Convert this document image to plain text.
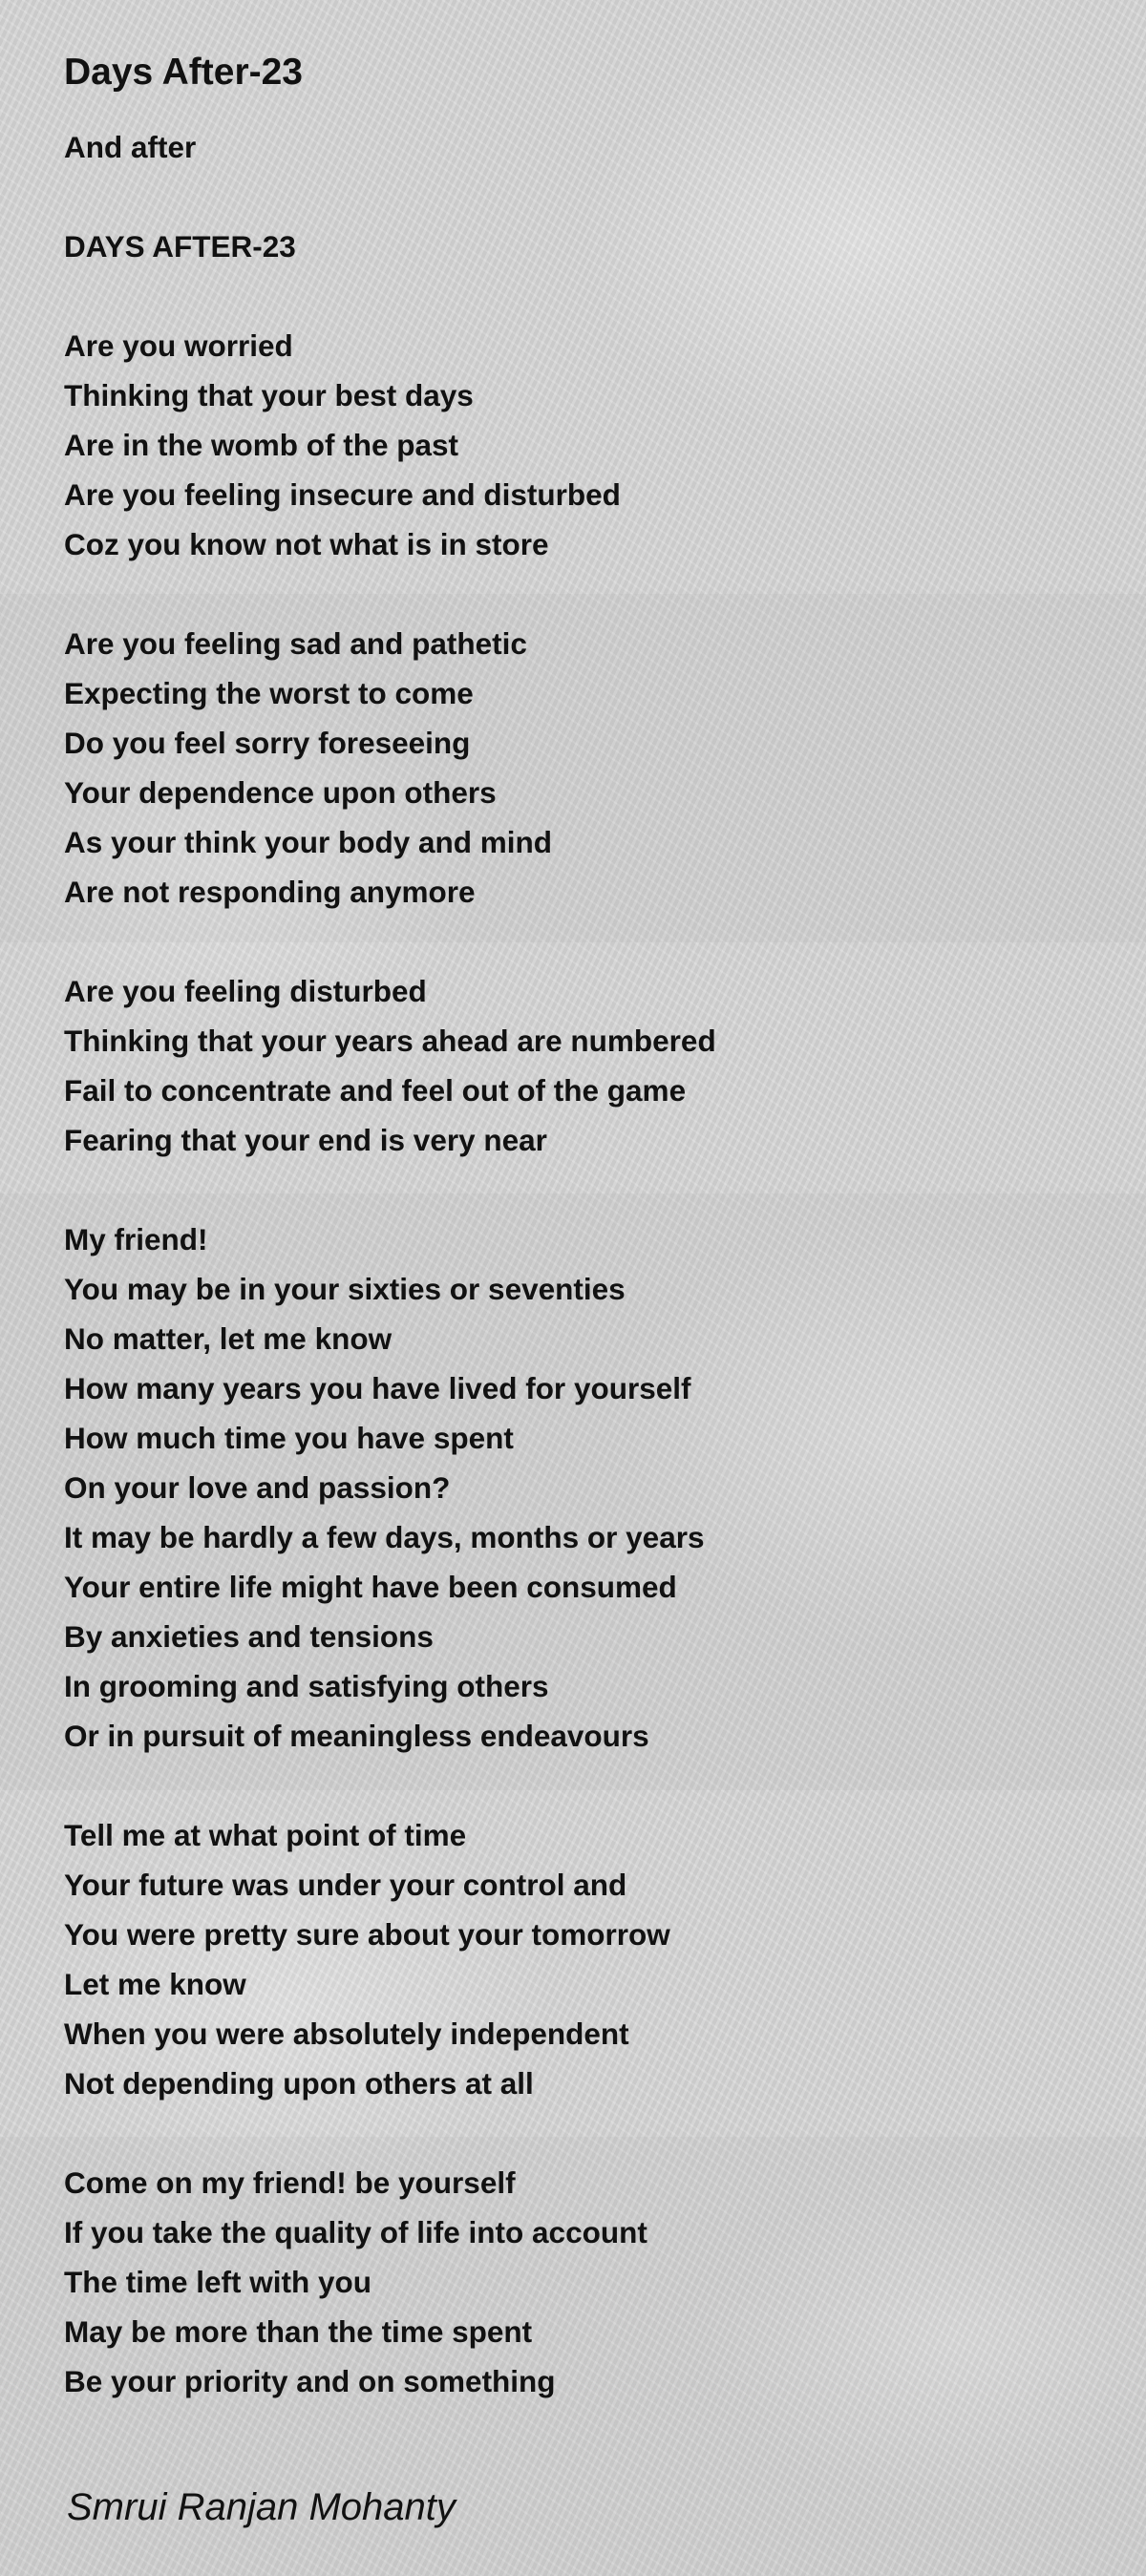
Days After-23
And after
DAYS AFTER-23
Are you worried
Thinking that your best days
Are in the womb of the past
Are you feeling insecure and disturbed
Coz you know not what is in store
Are you feeling sad and pathetic
Expecting the worst to come
Do you feel sorry foreseeing
Your dependence upon others
As your think your body and mind
Are not responding anymore
Are you feeling disturbed
Thinking that your years ahead are numbered
Fail to concentrate and feel out of the game
Fearing that your end is very near
My friend!
You may be in your sixties or seventies
No matter, let me know
How many years you have lived for yourself
How much time you have spent
On your love and passion?
It may be hardly a few days, months or years
Your entire life might have been consumed
By anxieties and tensions
In grooming and satisfying others
Or in pursuit of meaningless endeavours
Tell me at what point of time
Your future was under your control and
You were pretty sure about your tomorrow
Let me know
When you were absolutely independent
Not depending upon others at all
Come on my friend! be yourself
If you take the quality of life into account
The time left with you
May be more than the time spent
Be your priority and on something
Smrui Ranjan Mohanty
